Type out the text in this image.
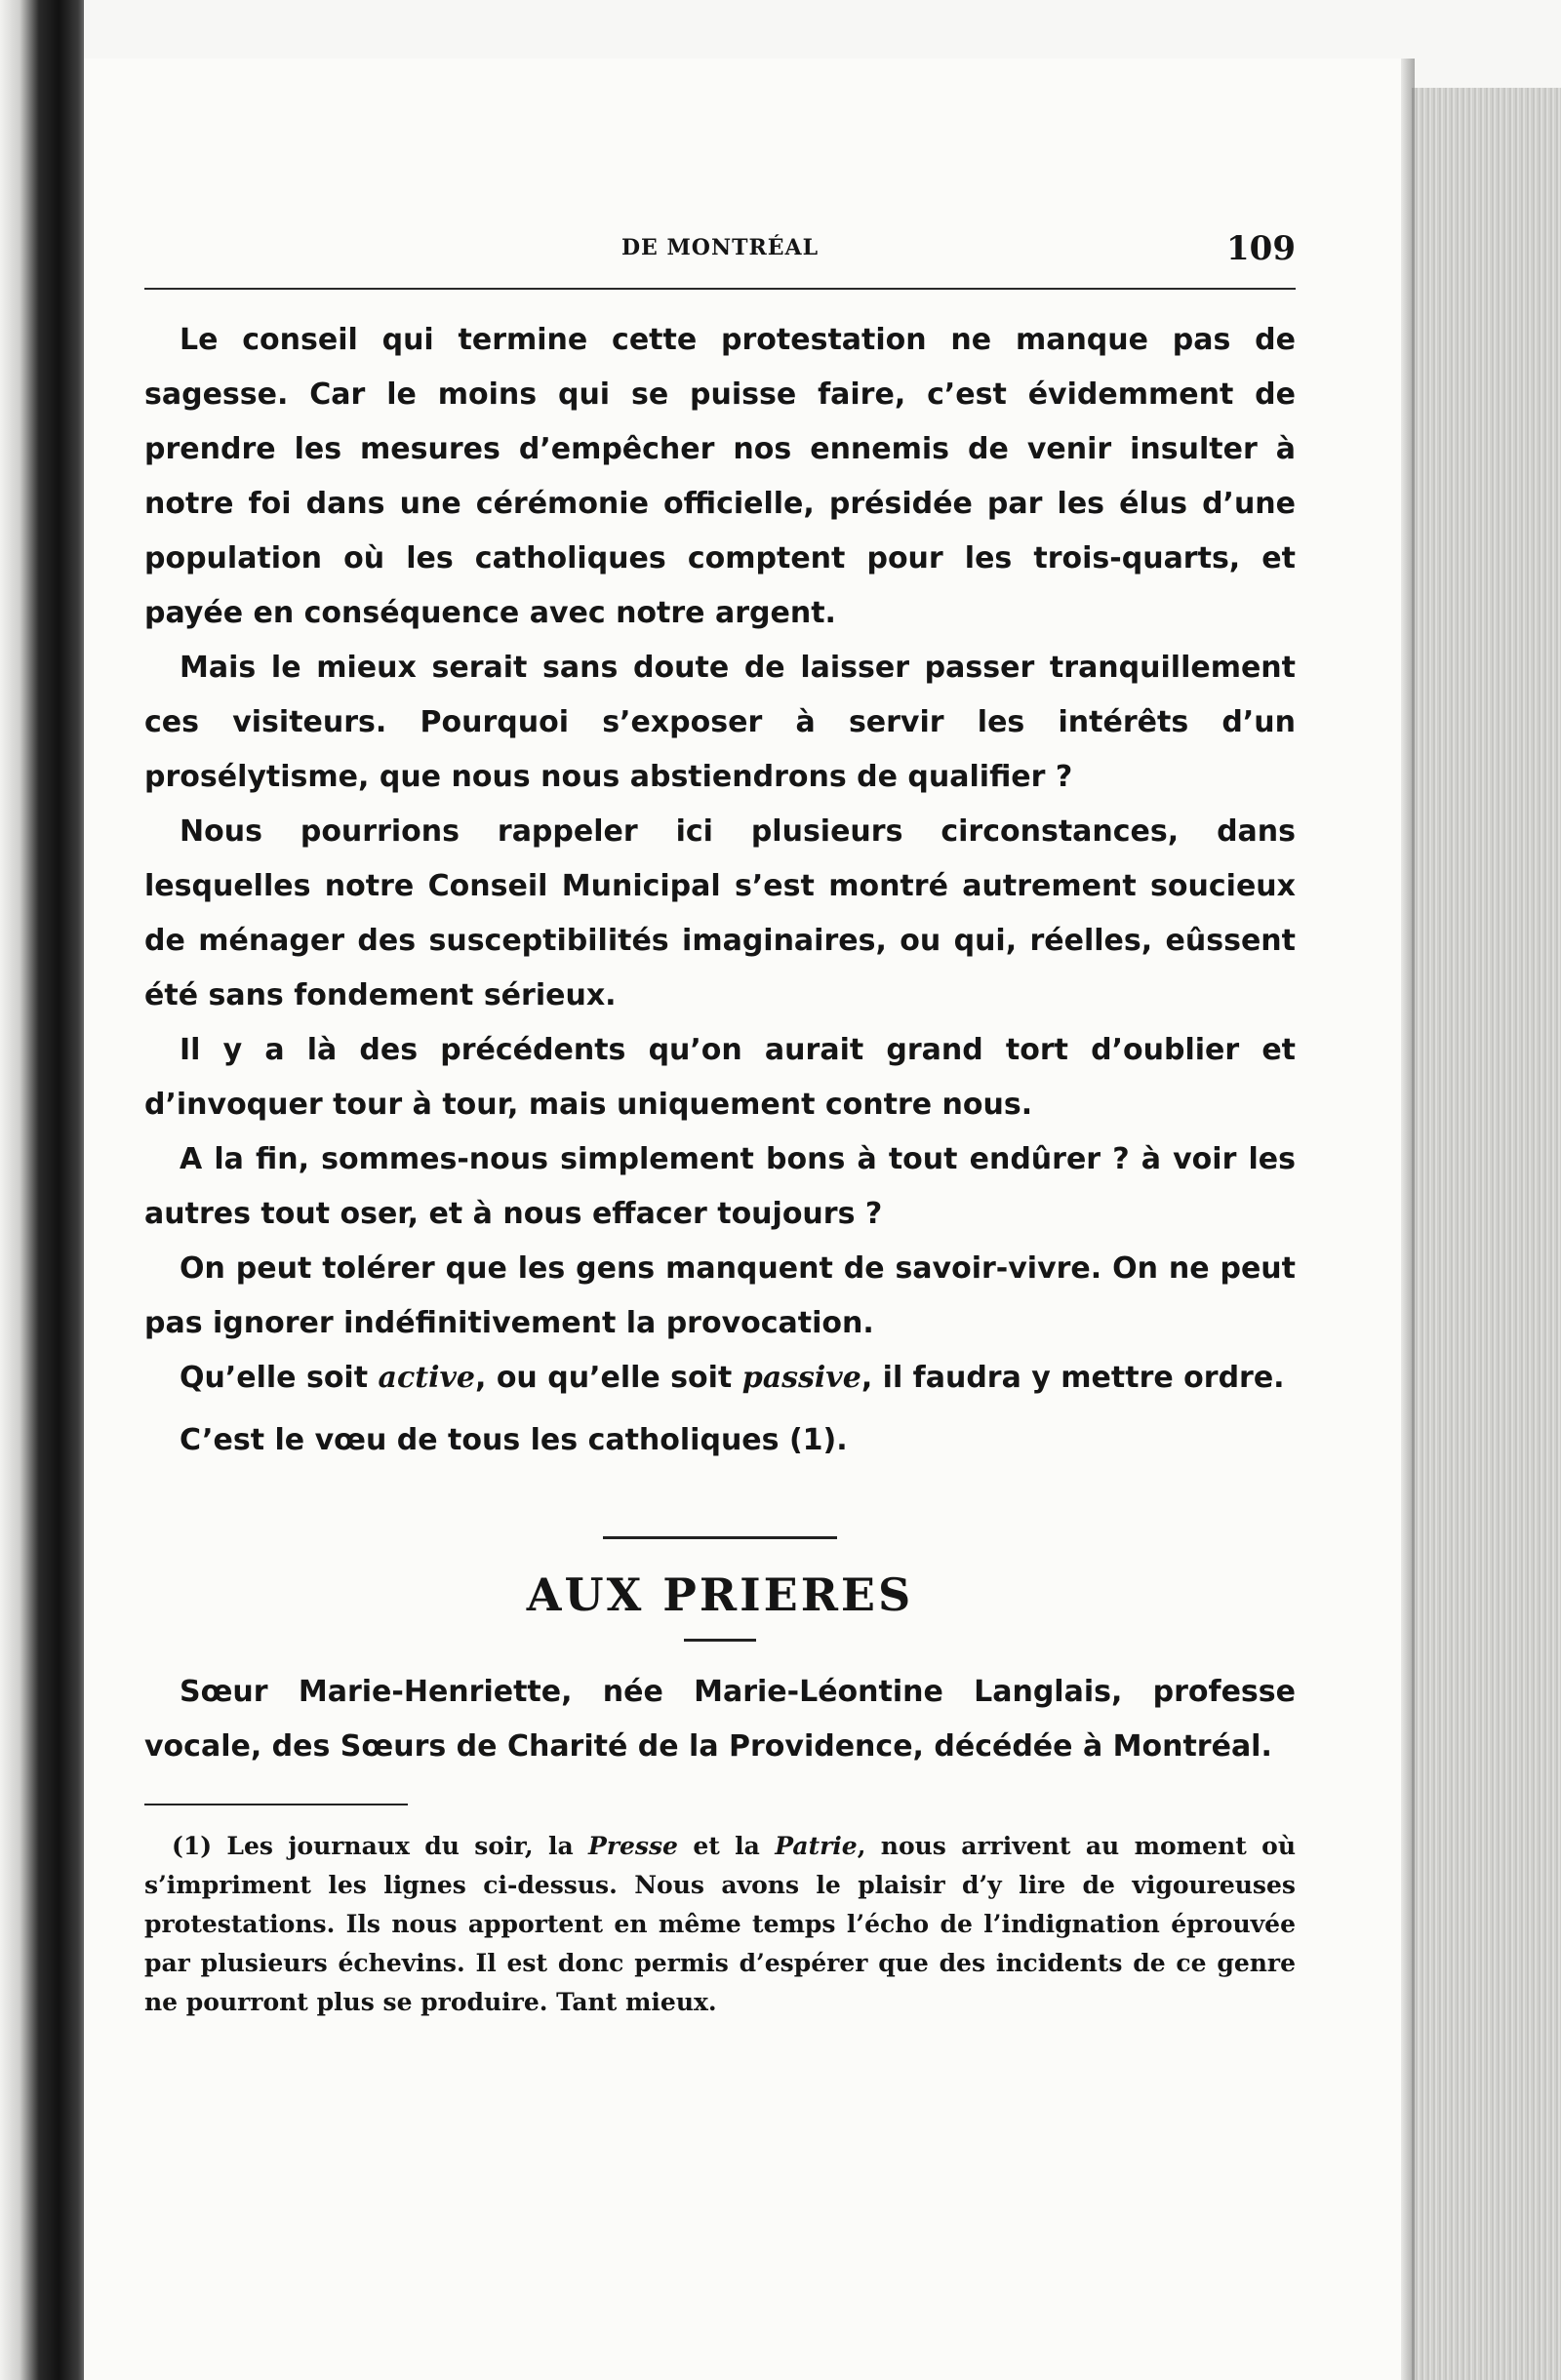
DE MONTRÉAL	109

Le conseil qui termine cette protestation ne manque pas de sagesse. Car le moins qui se puisse faire, c’est évidemment de prendre les mesures d’empêcher nos ennemis de venir insulter à notre foi dans une cérémonie officielle, présidée par les élus d’une population où les catholiques comptent pour les trois-quarts, et payée en conséquence avec notre argent.

Mais le mieux serait sans doute de laisser passer tranquillement ces visiteurs. Pourquoi s’exposer à servir les intérêts d’un prosélytisme, que nous nous abstiendrons de qualifier ?

Nous pourrions rappeler ici plusieurs circonstances, dans lesquelles notre Conseil Municipal s’est montré autrement soucieux de ménager des susceptibilités imaginaires, ou qui, réelles, eûssent été sans fondement sérieux.

Il y a là des précédents qu’on aurait grand tort d’oublier et d’invoquer tour à tour, mais uniquement contre nous.

A la fin, sommes-nous simplement bons à tout endûrer ? à voir les autres tout oser, et à nous effacer toujours ?

On peut tolérer que les gens manquent de savoir-vivre. On ne peut pas ignorer indéfinitivement la provocation.

Qu’elle soit active, ou qu’elle soit passive, il faudra y mettre ordre.

C’est le vœu de tous les catholiques (1).

AUX PRIERES

Sœur Marie-Henriette, née Marie-Léontine Langlais, professe vocale, des Sœurs de Charité de la Providence, décédée à Montréal.

(1) Les journaux du soir, la Presse et la Patrie, nous arrivent au moment où s’impriment les lignes ci-dessus. Nous avons le plaisir d’y lire de vigoureuses protestations. Ils nous apportent en même temps l’écho de l’indignation éprouvée par plusieurs échevins. Il est donc permis d’espérer que des incidents de ce genre ne pourront plus se produire. Tant mieux.
